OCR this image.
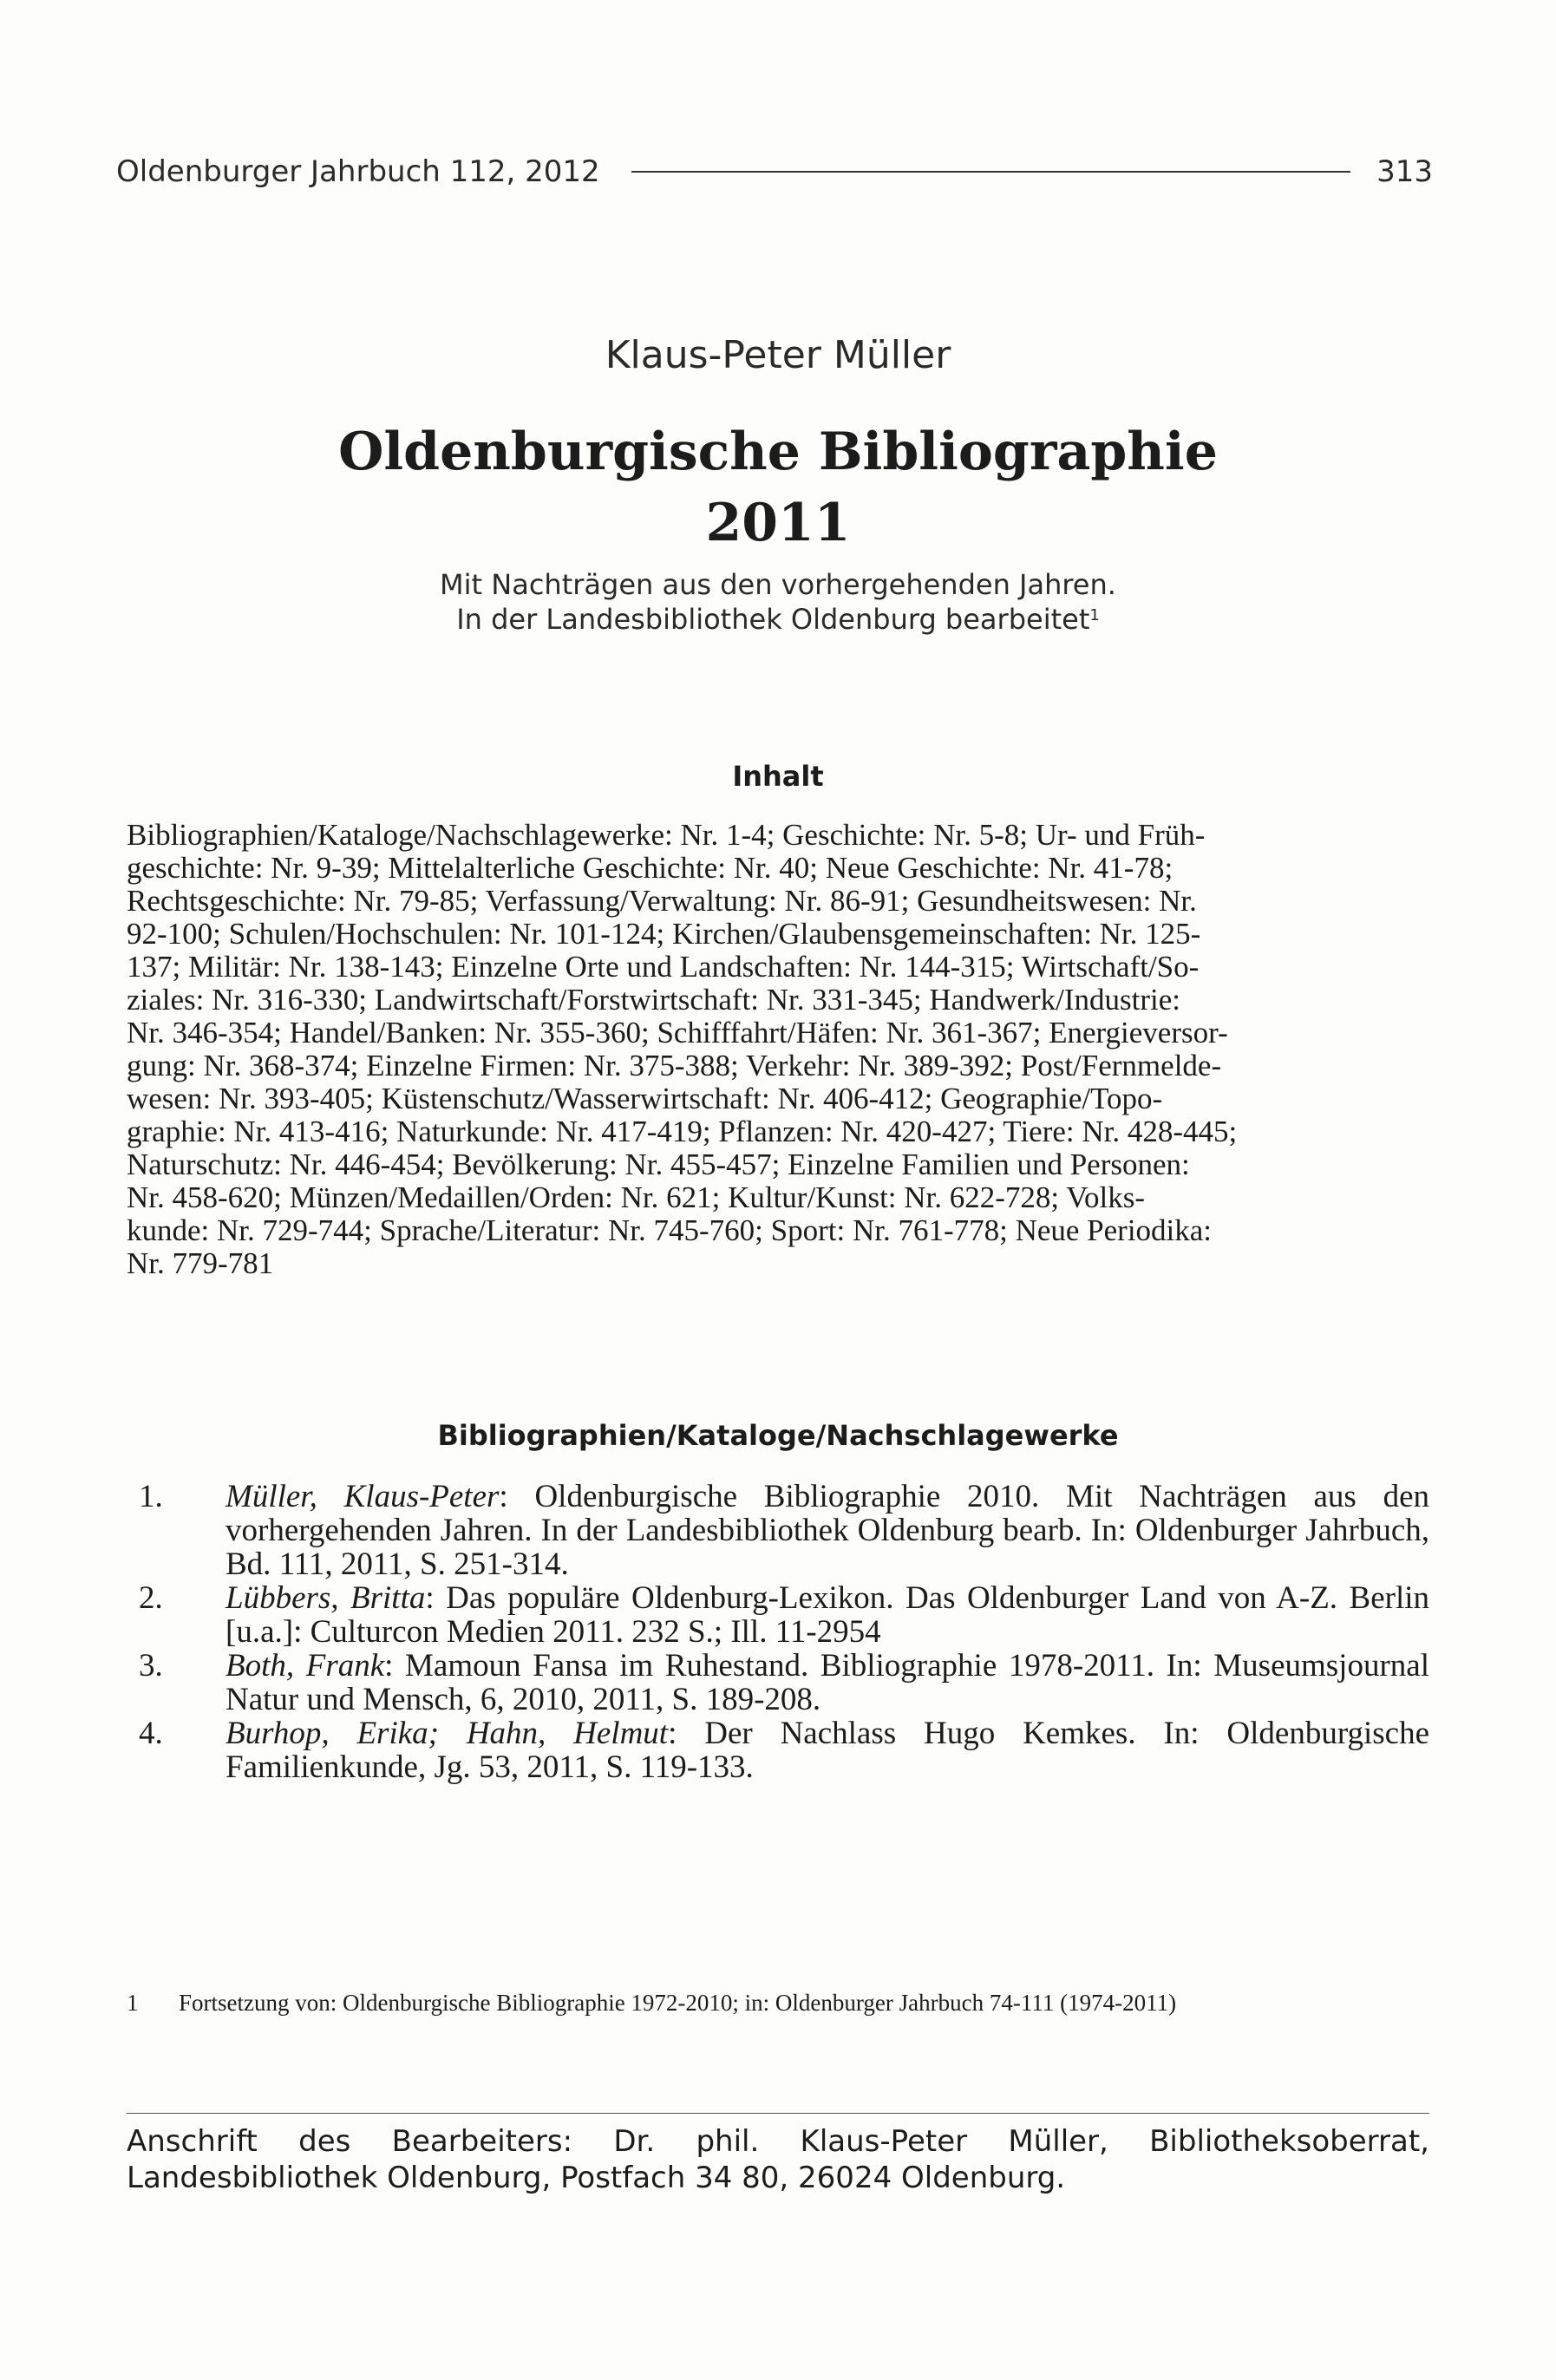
Oldenburger Jahrbuch 112, 2012	313
Klaus-Peter Müller
Oldenburgische Bibliographie
2011
Mit Nachträgen aus den vorhergehenden Jahren.
In der Landesbibliothek Oldenburg bearbeitet$^1$
Inhalt
Bibliographien/Kataloge/Nachschlagewerke: Nr. 1-4; Geschichte: Nr. 5-8; Ur- und Früh-
geschichte: Nr. 9-39; Mittelalterliche Geschichte: Nr. 40; Neue Geschichte: Nr. 41-78;
Rechtsgeschichte: Nr. 79-85; Verfassung/Verwaltung: Nr. 86-91; Gesundheitswesen: Nr.
92-100; Schulen/Hochschulen: Nr. 101-124; Kirchen/Glaubensgemeinschaften: Nr. 125-
137; Militär: Nr. 138-143; Einzelne Orte und Landschaften: Nr. 144-315; Wirtschaft/So-
ziales: Nr. 316-330; Landwirtschaft/Forstwirtschaft: Nr. 331-345; Handwerk/Industrie:
Nr. 346-354; Handel/Banken: Nr. 355-360; Schifffahrt/Häfen: Nr. 361-367; Energieversor-
gung: Nr. 368-374; Einzelne Firmen: Nr. 375-388; Verkehr: Nr. 389-392; Post/Fernmelde-
wesen: Nr. 393-405; Küstenschutz/Wasserwirtschaft: Nr. 406-412; Geographie/Topo-
graphie: Nr. 413-416; Naturkunde: Nr. 417-419; Pflanzen: Nr. 420-427; Tiere: Nr. 428-445;
Naturschutz: Nr. 446-454; Bevölkerung: Nr. 455-457; Einzelne Familien und Personen:
Nr. 458-620; Münzen/Medaillen/Orden: Nr. 621; Kultur/Kunst: Nr. 622-728; Volks-
kunde: Nr. 729-744; Sprache/Literatur: Nr. 745-760; Sport: Nr. 761-778; Neue Periodika:
Nr. 779-781
Bibliographien/Kataloge/Nachschlagewerke
1.	Müller, Klaus-Peter: Oldenburgische Bibliographie 2010. Mit Nachträgen aus den vorhergehenden Jahren. In der Landesbibliothek Oldenburg bearb. In: Oldenburger Jahrbuch, Bd. 111, 2011, S. 251-314.
2.	Lübbers, Britta: Das populäre Oldenburg-Lexikon. Das Oldenburger Land von A-Z. Berlin [u.a.]: Culturcon Medien 2011. 232 S.; Ill. 11-2954
3.	Both, Frank: Mamoun Fansa im Ruhestand. Bibliographie 1978-2011. In: Museumsjournal Natur und Mensch, 6, 2010, 2011, S. 189-208.
4.	Burhop, Erika; Hahn, Helmut: Der Nachlass Hugo Kemkes. In: Oldenburgische Familienkunde, Jg. 53, 2011, S. 119-133.
1	Fortsetzung von: Oldenburgische Bibliographie 1972-2010; in: Oldenburger Jahrbuch 74-111 (1974-2011)
Anschrift des Bearbeiters: Dr. phil. Klaus-Peter Müller, Bibliotheksoberrat, Landesbibliothek Oldenburg, Postfach 34 80, 26024 Oldenburg.
